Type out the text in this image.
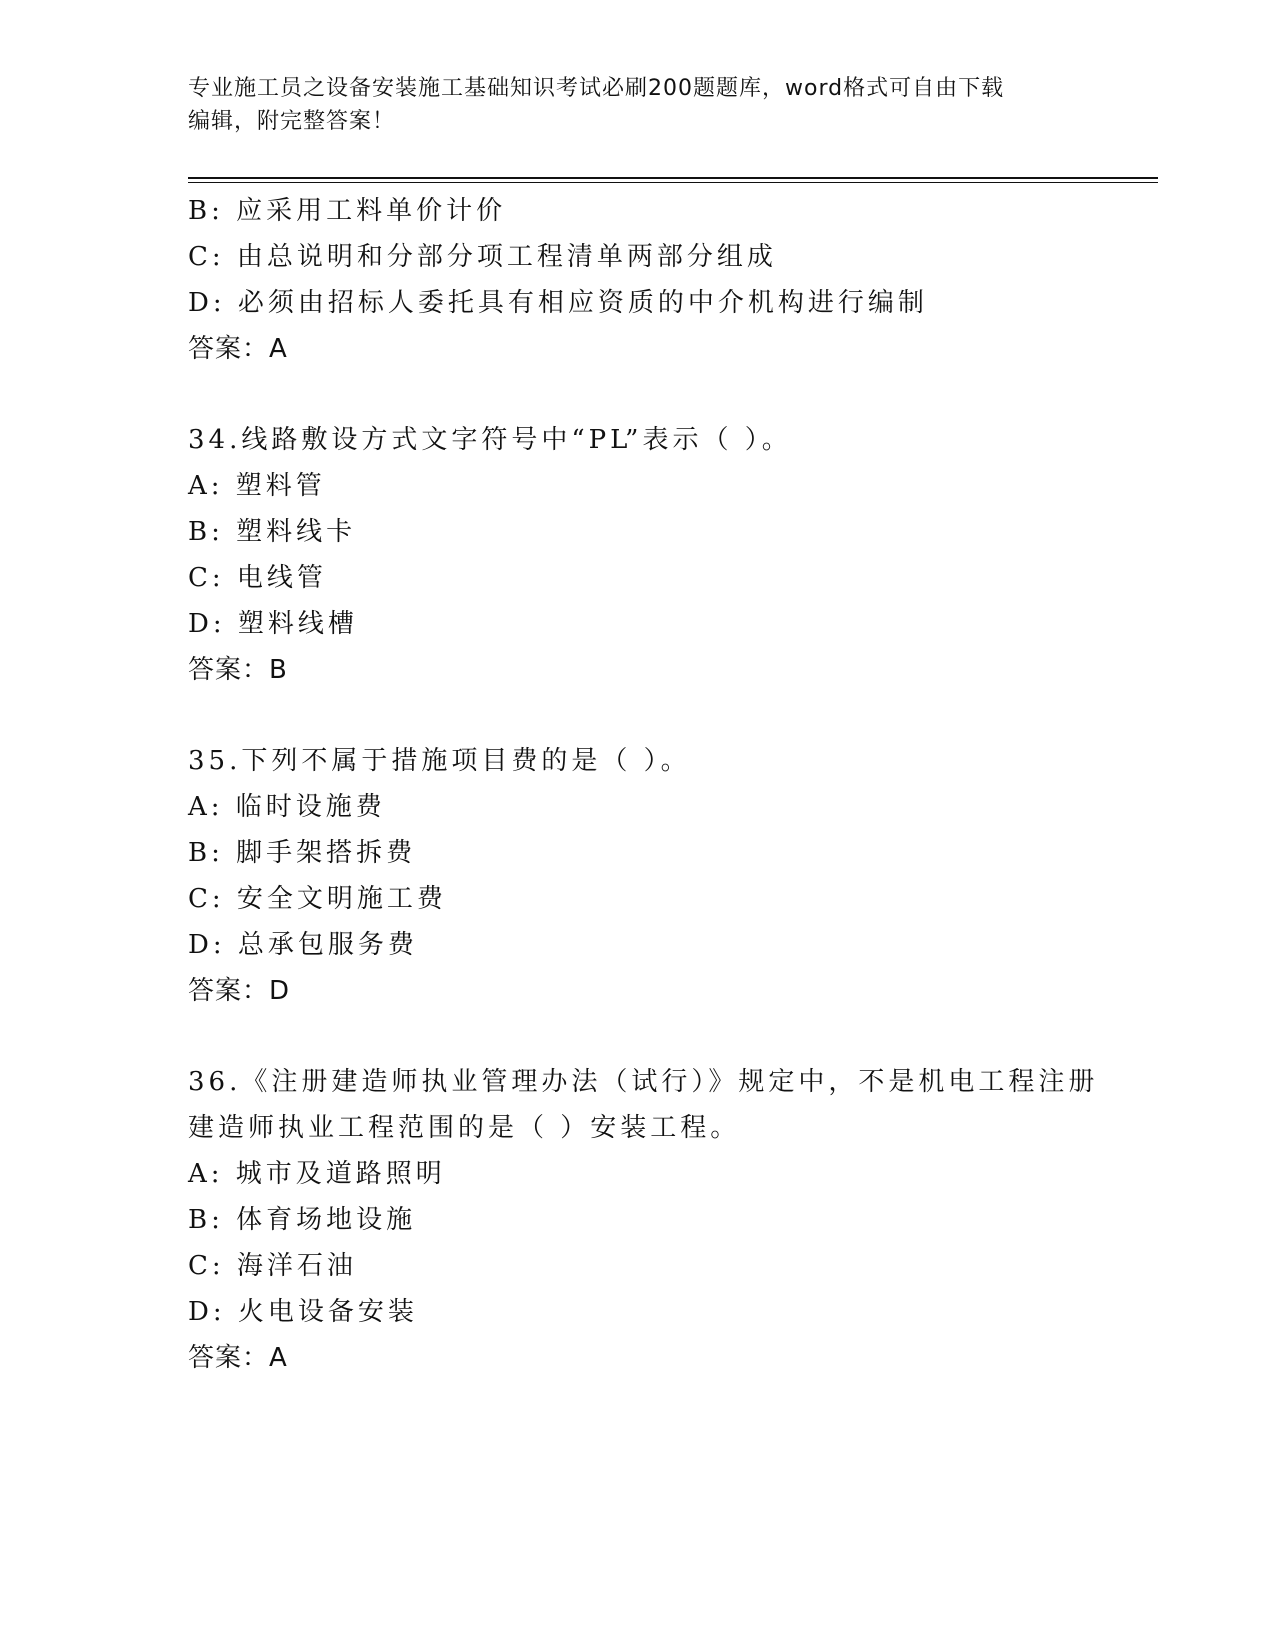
专业施工员之设备安装施工基础知识考试必刷200题题库，word格式可自由下载
编辑，附完整答案！
B: 应采用工料单价计价
C: 由总说明和分部分项工程清单两部分组成
D: 必须由招标人委托具有相应资质的中介机构进行编制
答案：A
34.线路敷设方式文字符号中“PL”表示（ ）。
A: 塑料管
B: 塑料线卡
C: 电线管
D: 塑料线槽
答案：B
35.下列不属于措施项目费的是（ ）。
A: 临时设施费
B: 脚手架搭拆费
C: 安全文明施工费
D: 总承包服务费
答案：D
36.《注册建造师执业管理办法（试行）》规定中，不是机电工程注册
建造师执业工程范围的是（ ）安装工程。
A: 城市及道路照明
B: 体育场地设施
C: 海洋石油
D: 火电设备安装
答案：A
